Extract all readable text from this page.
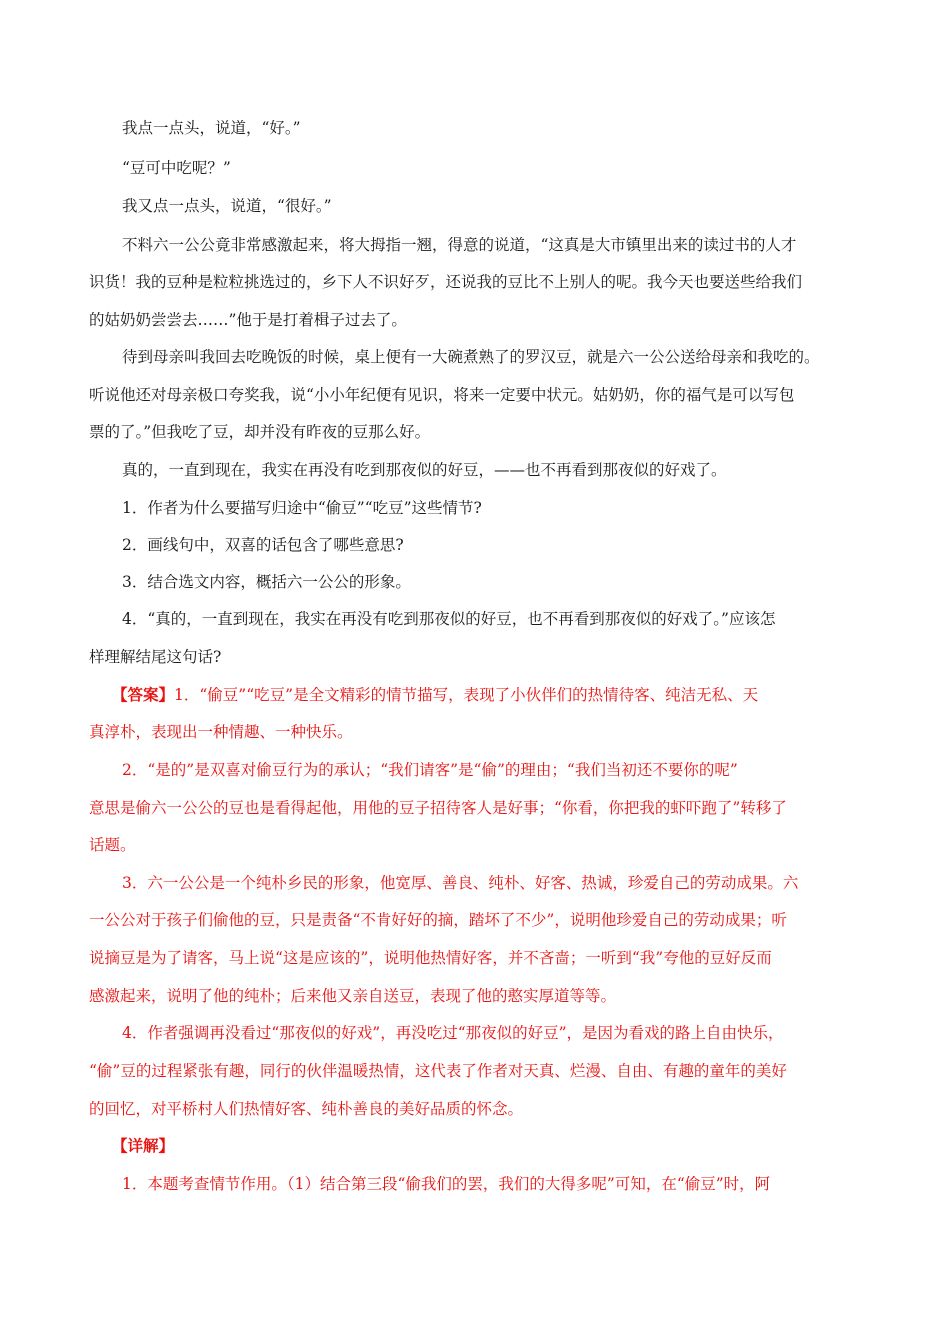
我点一点头，说道，“好。”
“豆可中吃呢？”
我又点一点头，说道，“很好。”
不料六一公公竟非常感激起来，将大拇指一翘，得意的说道，“这真是大市镇里出来的读过书的人才
识货！我的豆种是粒粒挑选过的，乡下人不识好歹，还说我的豆比不上别人的呢。我今天也要送些给我们
的姑奶奶尝尝去……”他于是打着楫子过去了。
待到母亲叫我回去吃晚饭的时候，桌上便有一大碗煮熟了的罗汉豆，就是六一公公送给母亲和我吃的。
听说他还对母亲极口夸奖我，说“小小年纪便有见识，将来一定要中状元。姑奶奶，你的福气是可以写包
票的了。”但我吃了豆，却并没有昨夜的豆那么好。
真的，一直到现在，我实在再没有吃到那夜似的好豆，——也不再看到那夜似的好戏了。
1．作者为什么要描写归途中“偷豆”“吃豆”这些情节?
2．画线句中，双喜的话包含了哪些意思?
3．结合选文内容，概括六一公公的形象。
4．“真的，一直到现在，我实在再没有吃到那夜似的好豆，也不再看到那夜似的好戏了。”应该怎
样理解结尾这句话?
【答案】1．“偷豆”“吃豆”是全文精彩的情节描写，表现了小伙伴们的热情待客、纯洁无私、天
真淳朴，表现出一种情趣、一种快乐。
2．“是的”是双喜对偷豆行为的承认；“我们请客”是“偷”的理由；“我们当初还不要你的呢”
意思是偷六一公公的豆也是看得起他，用他的豆子招待客人是好事；“你看，你把我的虾吓跑了”转移了
话题。
3．六一公公是一个纯朴乡民的形象，他宽厚、善良、纯朴、好客、热诚，珍爱自己的劳动成果。六
一公公对于孩子们偷他的豆，只是责备“不肯好好的摘，踏坏了不少”，说明他珍爱自己的劳动成果；听
说摘豆是为了请客，马上说“这是应该的”，说明他热情好客，并不吝啬；一听到“我”夸他的豆好反而
感激起来，说明了他的纯朴；后来他又亲自送豆，表现了他的憨实厚道等等。
4．作者强调再没看过“那夜似的好戏”，再没吃过“那夜似的好豆”，是因为看戏的路上自由快乐，
“偷”豆的过程紧张有趣，同行的伙伴温暖热情，这代表了作者对天真、烂漫、自由、有趣的童年的美好
的回忆，对平桥村人们热情好客、纯朴善良的美好品质的怀念。
【详解】
1．本题考查情节作用。（1）结合第三段“偷我们的罢，我们的大得多呢”可知，在“偷豆”时，阿
